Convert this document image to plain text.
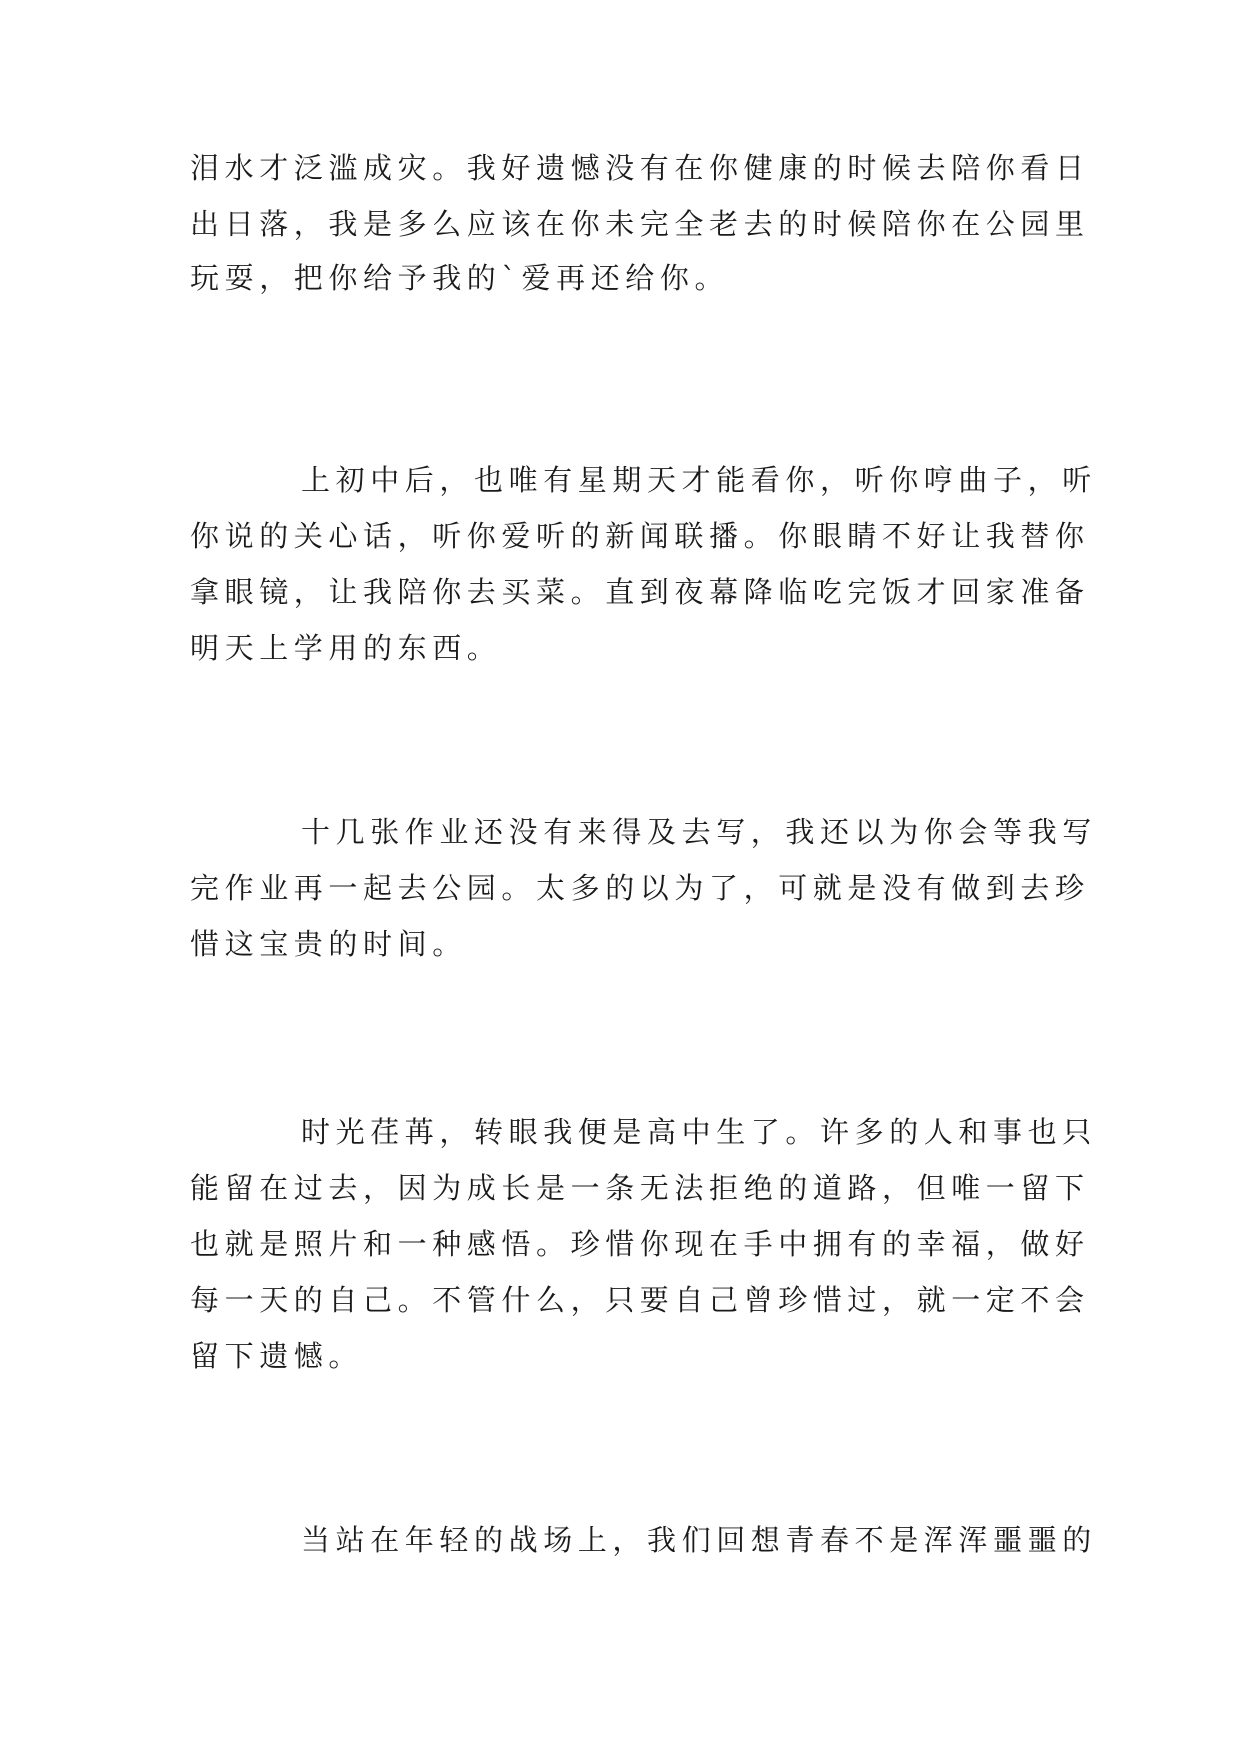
泪水才泛滥成灾。我好遗憾没有在你健康的时候去陪你看日
出日落，我是多么应该在你未完全老去的时候陪你在公园里
玩耍，把你给予我的`爱再还给你。
上初中后，也唯有星期天才能看你，听你哼曲子，听
你说的关心话，听你爱听的新闻联播。你眼睛不好让我替你
拿眼镜，让我陪你去买菜。直到夜幕降临吃完饭才回家准备
明天上学用的东西。
十几张作业还没有来得及去写，我还以为你会等我写
完作业再一起去公园。太多的以为了，可就是没有做到去珍
惜这宝贵的时间。
时光荏苒，转眼我便是高中生了。许多的人和事也只
能留在过去，因为成长是一条无法拒绝的道路，但唯一留下
也就是照片和一种感悟。珍惜你现在手中拥有的幸福，做好
每一天的自己。不管什么，只要自己曾珍惜过，就一定不会
留下遗憾。
当站在年轻的战场上，我们回想青春不是浑浑噩噩的
